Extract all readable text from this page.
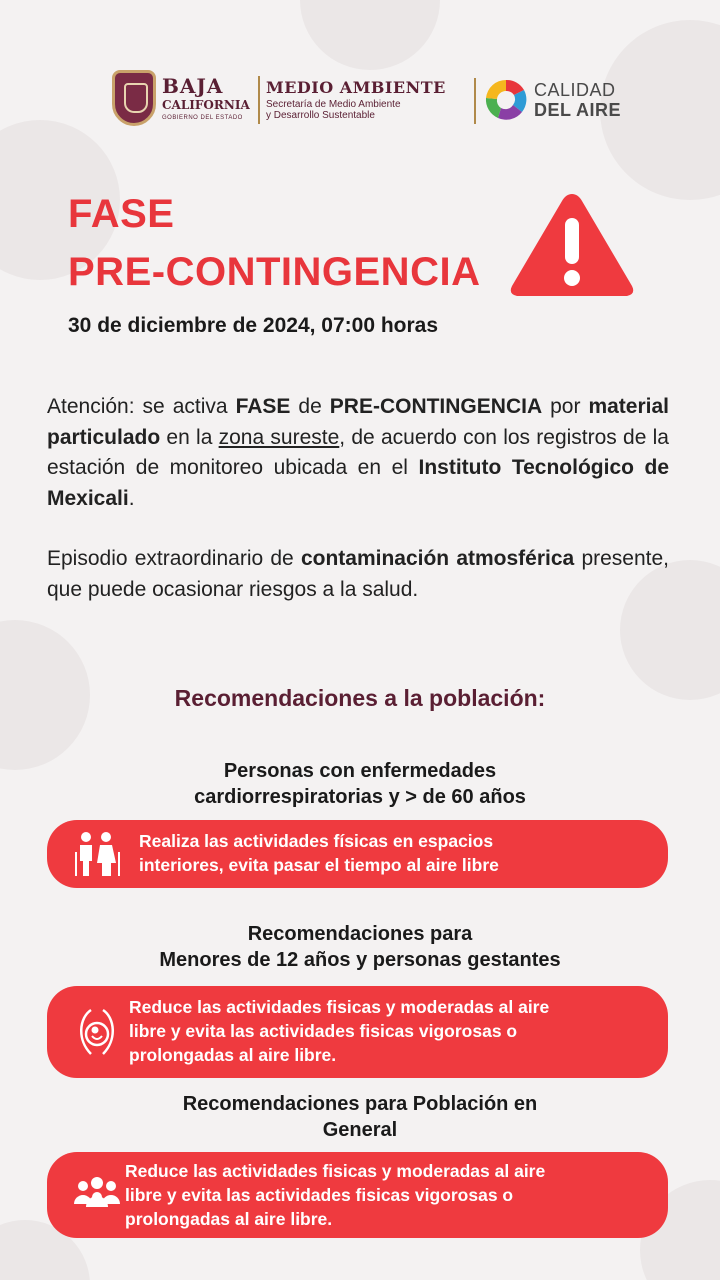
BAJA
CALIFORNIA
GOBIERNO DEL ESTADO
MEDIO AMBIENTE
Secretaría de Medio Ambiente
y Desarrollo Sustentable
CALIDAD
DEL AIRE
FASE
PRE-CONTINGENCIA
30 de diciembre de 2024, 07:00 horas
Atención: se activa FASE de PRE-CONTINGENCIA por material particulado en la zona sureste, de acuerdo con los registros de la estación de monitoreo ubicada en el Instituto Tecnológico de Mexicali.
Episodio extraordinario de contaminación atmosférica presente, que puede ocasionar riesgos a la salud.
Recomendaciones a la población:
Personas con enfermedades
cardiorrespiratorias y > de 60 años
Realiza las actividades físicas en espacios
interiores, evita pasar el tiempo al aire libre
Recomendaciones para
Menores de 12 años y personas gestantes
Reduce las actividades fisicas y moderadas al aire
libre y evita las actividades fisicas vigorosas o
prolongadas al aire libre.
Recomendaciones para Población en
General
Reduce las actividades fisicas y moderadas al aire
libre y evita las actividades fisicas vigorosas o
prolongadas al aire libre.
